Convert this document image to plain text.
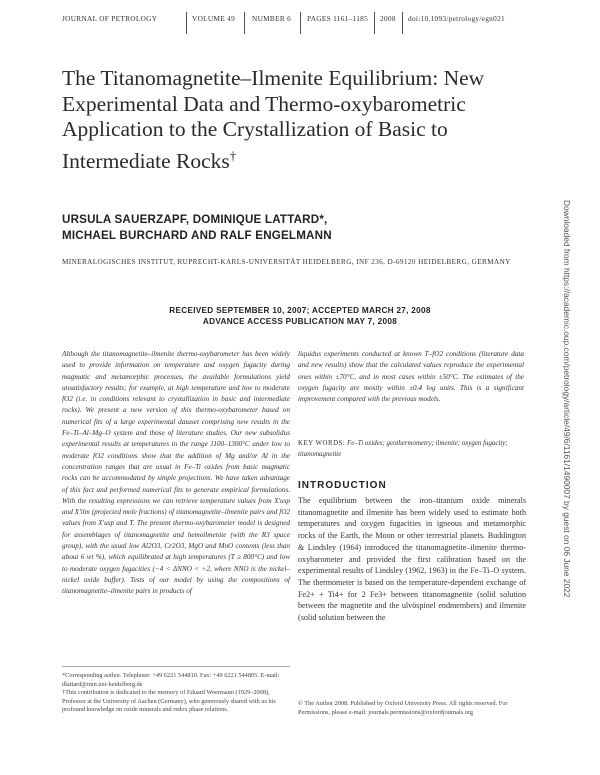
JOURNAL OF PETROLOGY	VOLUME 49 NUMBER 6 PAGES 1161–1185 2008 doi:10.1093/petrology/egn021
The Titanomagnetite–Ilmenite Equilibrium: New Experimental Data and Thermo-oxybarometric Application to the Crystallization of Basic to Intermediate Rocks†
URSULA SAUERZAPF, DOMINIQUE LATTARD*,
MICHAEL BURCHARD AND RALF ENGELMANN
MINERALOGISCHES INSTITUT, RUPRECHT-KARLS-UNIVERSITÄT HEIDELBERG, INF 236, D-69120 HEIDELBERG, GERMANY
RECEIVED SEPTEMBER 10, 2007; ACCEPTED MARCH 27, 2008
ADVANCE ACCESS PUBLICATION MAY 7, 2008

Although the titanomagnetite–ilmenite thermo-oxybarometer has been widely used to provide information on temperature and oxygen fugacity during magmatic and metamorphic processes, the available formulations yield unsatisfactory results; for example, at high temperature and low to moderate fO2 (i.e. in conditions relevant to crystallization in basic and intermediate rocks). We present a new version of this thermo-oxybarometer based on numerical fits of a large experimental dataset comprising new results in the Fe–Ti–Al–Mg–O system and those of literature studies. Our new subsolidus experimental results at temperatures in the range 1100–1300°C under low to moderate fO2 conditions show that the addition of Mg and/or Al in the concentration ranges that are usual in Fe–Ti oxides from basic magmatic rocks can be accommodated by simple projections. We have taken advantage of this fact and performed numerical fits to generate empirical formulations. With the resulting expressions we can retrieve temperature values from X'usp and X'ilm (projected mole fractions) of titanomagnetite–ilmenite pairs and fO2 values from X'usp and T. The present thermo-oxybarometer model is designed for assemblages of titanomagnetite and hemoilmenite (with the R3 space group), with the usual low Al2O3, Cr2O3, MgO and MnO contents (less than about 6 wt %), which equilibrated at high temperatures (T ≥ 800°C) and low to moderate oxygen fugacities (−4 < ΔNNO < +2, where NNO is the nickel–nickel oxide buffer). Tests of our model by using the compositions of titanomagnetite–ilmenite pairs in products of

liquidus experiments conducted at known T–fO2 conditions (literature data and new results) show that the calculated values reproduce the experimental ones within ±70°C, and in most cases within ±50°C. The estimates of the oxygen fugacity are mostly within ±0.4 log units. This is a significant improvement compared with the previous models.

KEY WORDS: Fe–Ti oxides; geothermometry; ilmenite; oxygen fugacity; titanomagnetite
INTRODUCTION

The equilibrium between the iron–titanium oxide minerals titanomagnetite and ilmenite has been widely used to estimate both temperatures and oxygen fugacities in igneous and metamorphic rocks of the Earth, the Moon or other terrestrial planets. Buddington & Lindsley (1964) introduced the titanomagnetite–ilmenite thermo-oxybarometer and provided the first calibration based on the experimental results of Lindsley (1962, 1963) in the Fe–Ti–O system. The thermometer is based on the temperature-dependent exchange of Fe2+ + Ti4+ for 2 Fe3+ between titanomagnetite (solid solution between the magnetite and the ulvöspinel endmembers) and ilmenite (solid solution between the

*Corresponding author. Telephone: +49 6221 544810. Fax: +49 6221 544805. E-mail: dlattard@min.uni-heidelberg.de

†This contribution is dedicated to the memory of Eduard Woermann (1929–2008), Professor at the University of Aachen (Germany), who generously shared with us his profound knowledge on oxide minerals and redox phase relations.

© The Author 2008. Published by Oxford University Press. All rights reserved. For Permissions, please e-mail: journals.permissions@oxfordjournals.org

Downloaded from https://academic.oup.com/petrology/article/49/6/1161/1490007 by guest on 06 June 2022
